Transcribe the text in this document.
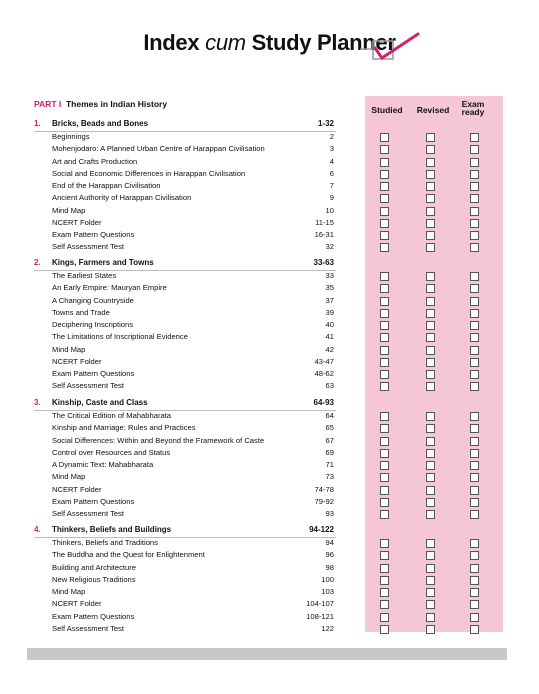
Index cum Study Planner
Studied	Revised
Exam
ready
PART I Themes in Indian History
1. Bricks, Beads and Bones	1-32
Beginnings	2
Mohenjodaro: A Planned Urban Centre of Harappan Civilisation	3
Art and Crafts Production	4
Social and Economic Differences in Harappan Civilisation	6
End of the Harappan Civilisation	7
Ancient Authority of Harappan Civilisation	9
Mind Map	10
NCERT Folder	11-15
Exam Pattern Questions	16-31
Self Assessment Test	32
2. Kings, Farmers and Towns	33-63
The Earliest States	33
An Early Empire: Mauryan Empire	35
A Changing Countryside	37
Towns and Trade	39
Deciphering Inscriptions	40
The Limitations of Inscriptional Evidence	41
Mind Map	42
NCERT Folder	43-47
Exam Pattern Questions	48-62
Self Assessment Test	63
3. Kinship, Caste and Class	64-93
The Critical Edition of Mahabharata	64
Kinship and Marriage: Rules and Practices	65
Social Differences: Within and Beyond the Framework of Caste	67
Control over Resources and Status	69
A Dynamic Text: Mahabharata	71
Mind Map	73
NCERT Folder	74-78
Exam Pattern Questions	79-92
Self Assessment Test	93
4. Thinkers, Beliefs and Buildings	94-122
Thinkers, Beliefs and Traditions	94
The Buddha and the Quest for Enlightenment	96
Building and Architecture	98
New Religious Traditions	100
Mind Map	103
NCERT Folder	104-107
Exam Pattern Questions	108-121
Self Assessment Test	122
